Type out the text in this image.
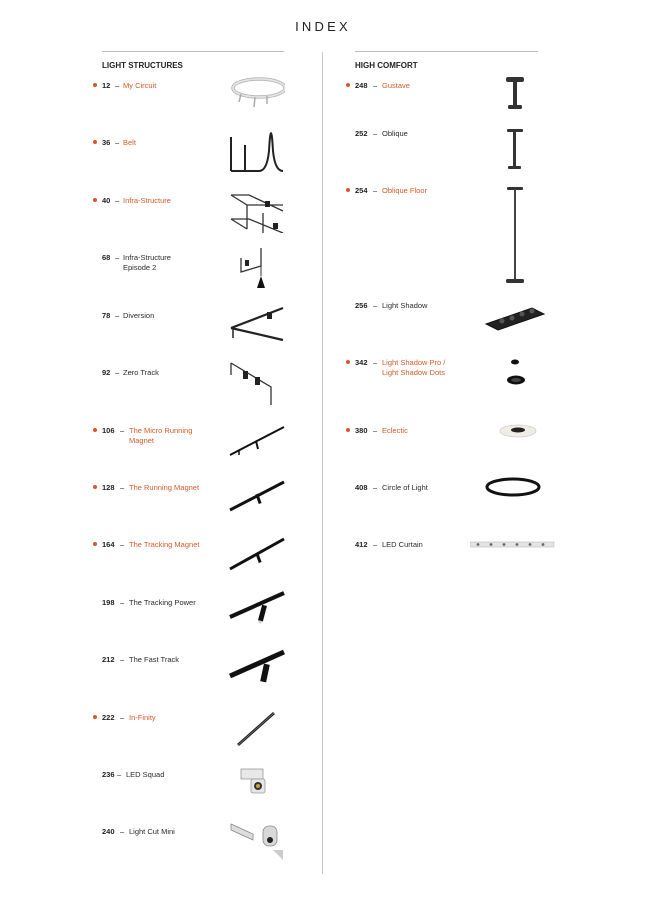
INDEX
LIGHT STRUCTURES
12 – My Circuit
36 – Belt
40 – Infra-Structure
68 – Infra-Structure Episode 2
78 – Diversion
92 – Zero Track
106 – The Micro Running Magnet
128 – The Running Magnet
164 – The Tracking Magnet
198 – The Tracking Power
212 – The Fast Track
222 – In-Finity
236 – LED Squad
240 – Light Cut Mini
HIGH COMFORT
248 – Gustave
252 – Oblique
254 – Oblique Floor
256 – Light Shadow
342 – Light Shadow Pro / Light Shadow Dots
380 – Eclectic
408 – Circle of Light
412 – LED Curtain
